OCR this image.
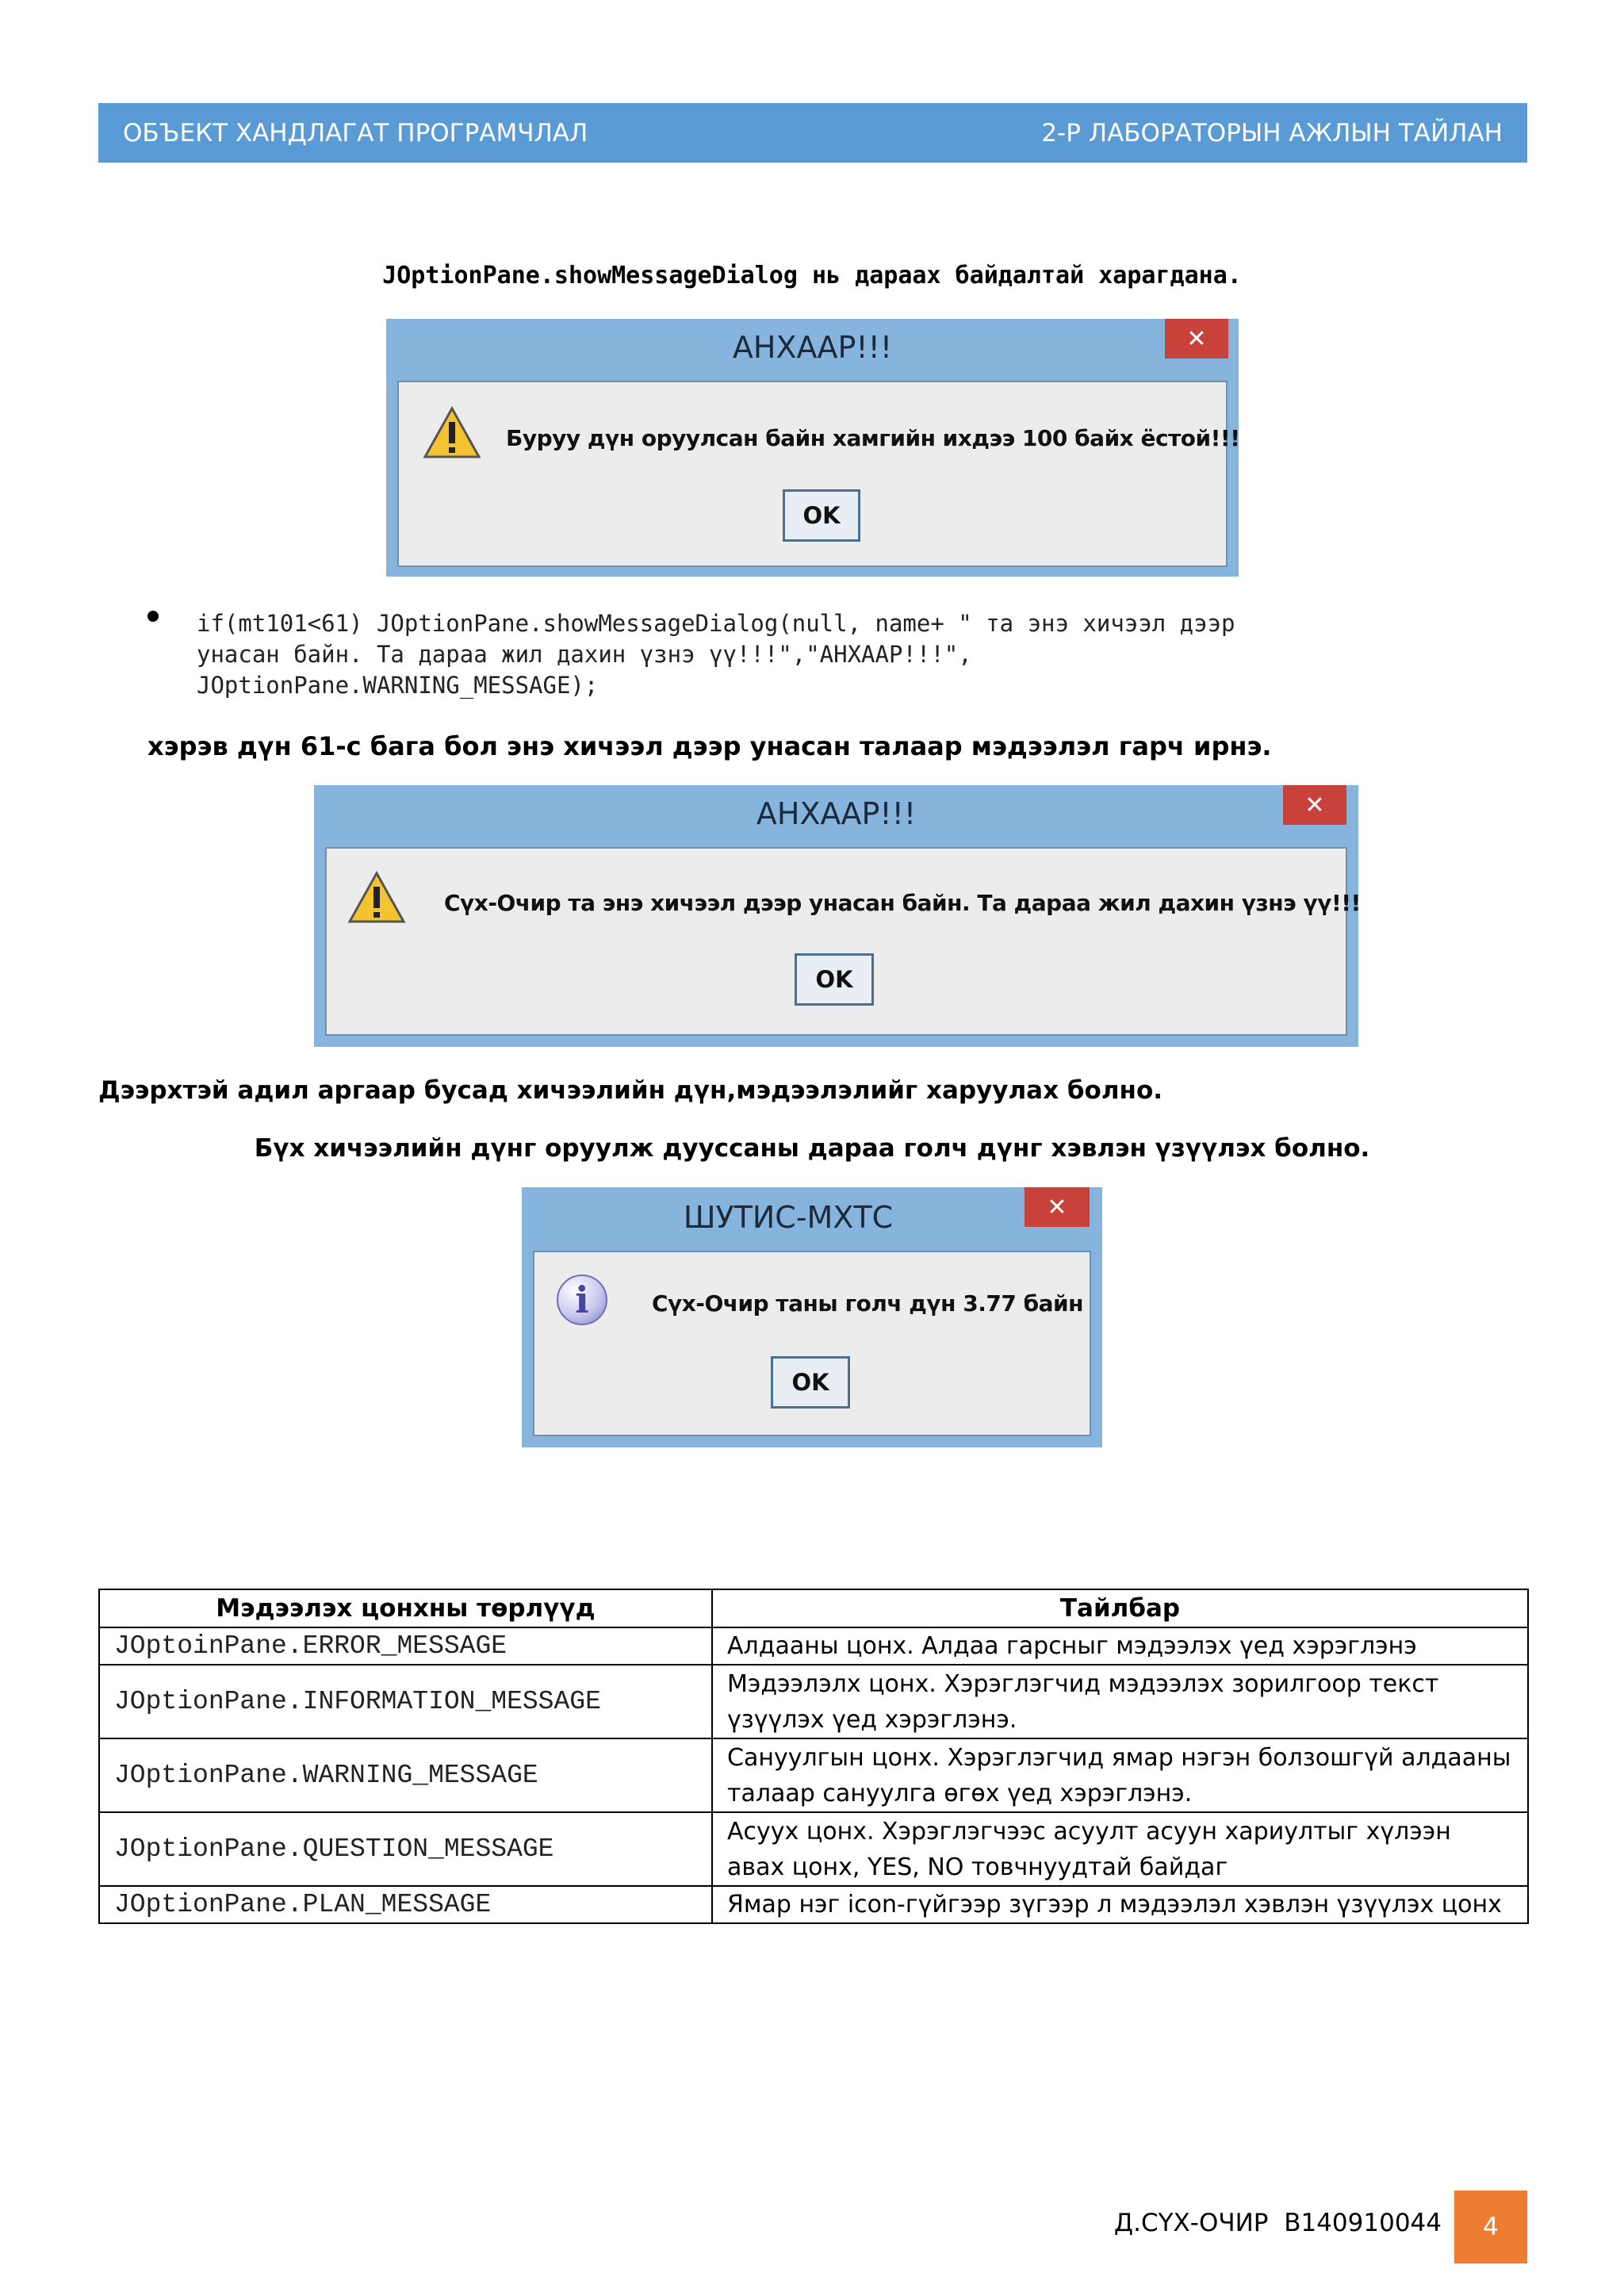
ОБЪЕКТ ХАНДЛАГАТ ПРОГРАМЧЛАЛ	2-Р ЛАБОРАТОРЫН АЖЛЫН ТАЙЛАН
JOptionPane.showMessageDialog нь дараах байдалтай харагдана.
АНХААР!!!	✕
Буруу дүн оруулсан байн хамгийн ихдээ 100 байх ёстой!!!
OK
if(mt101<61) JOptionPane.showMessageDialog(null, name+ " та энэ хичээл дээр
унасан байн. Та дараа жил дахин үзнэ үү!!!","АНХААР!!!",
JOptionPane.WARNING_MESSAGE);
хэрэв дүн 61-с бага бол энэ хичээл дээр унасан талаар мэдээлэл гарч ирнэ.
АНХААР!!!	✕
Сүх-Очир та энэ хичээл дээр унасан байн. Та дараа жил дахин үзнэ үү!!!
OK
Дээрхтэй адил аргаар бусад хичээлийн дүн,мэдээлэлийг харуулах болно.
Бүх хичээлийн дүнг оруулж дууссаны дараа голч дүнг хэвлэн үзүүлэх болно.
ШУТИС-МХТС	✕
i	Сүх-Очир таны голч дүн 3.77 байн
OK
Мэдээлэх цонхны төрлүүд	Тайлбар
JOptoinPane.ERROR_MESSAGE	Алдааны цонх. Алдаа гарсныг мэдээлэх үед хэрэглэнэ
JOptionPane.INFORMATION_MESSAGE	Мэдээлэлх цонх. Хэрэглэгчид мэдээлэх зорилгоор текст үзүүлэх үед хэрэглэнэ.
JOptionPane.WARNING_MESSAGE	Сануулгын цонх. Хэрэглэгчид ямар нэгэн болзошгүй алдааны талаар сануулга өгөх үед хэрэглэнэ.
JOptionPane.QUESTION_MESSAGE	Асуух цонх. Хэрэглэгчээс асуулт асуун хариултыг хүлээн авах цонх, YES, NO товчнуудтай байдаг
JOptionPane.PLAN_MESSAGE	Ямар нэг icon-гүйгээр зүгээр л мэдээлэл хэвлэн үзүүлэх цонх
Д.СҮХ-ОЧИР  B140910044	4
